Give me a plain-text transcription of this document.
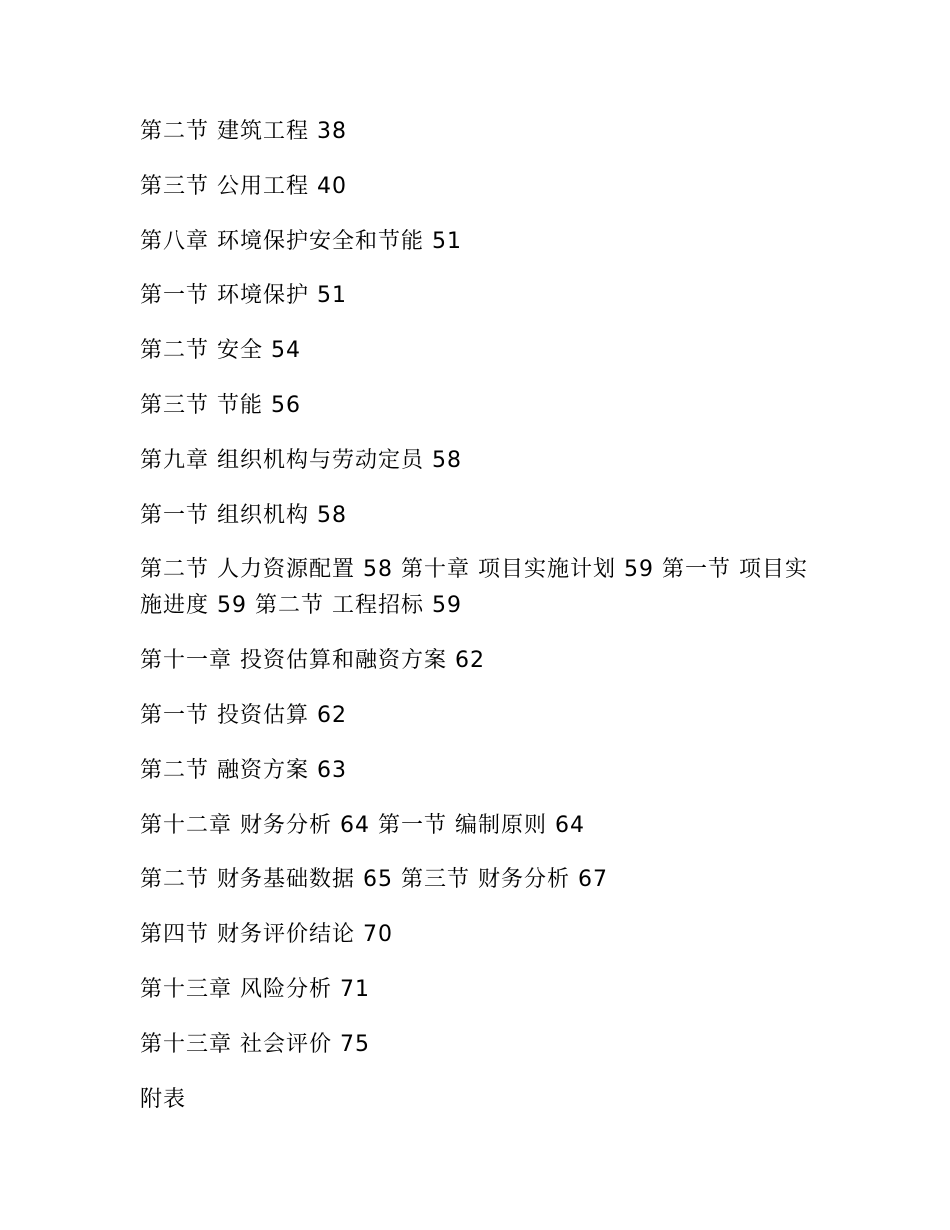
第二节 建筑工程 38
第三节 公用工程 40
第八章 环境保护安全和节能 51
第一节 环境保护 51
第二节 安全 54
第三节 节能 56
第九章 组织机构与劳动定员 58
第一节 组织机构 58
第二节 人力资源配置 58 第十章 项目实施计划 59 第一节 项目实施进度 59 第二节 工程招标 59
第十一章 投资估算和融资方案 62
第一节 投资估算 62
第二节 融资方案 63
第十二章 财务分析 64 第一节 编制原则 64
第二节 财务基础数据 65 第三节 财务分析 67
第四节 财务评价结论 70
第十三章 风险分析 71
第十三章 社会评价 75
附表
